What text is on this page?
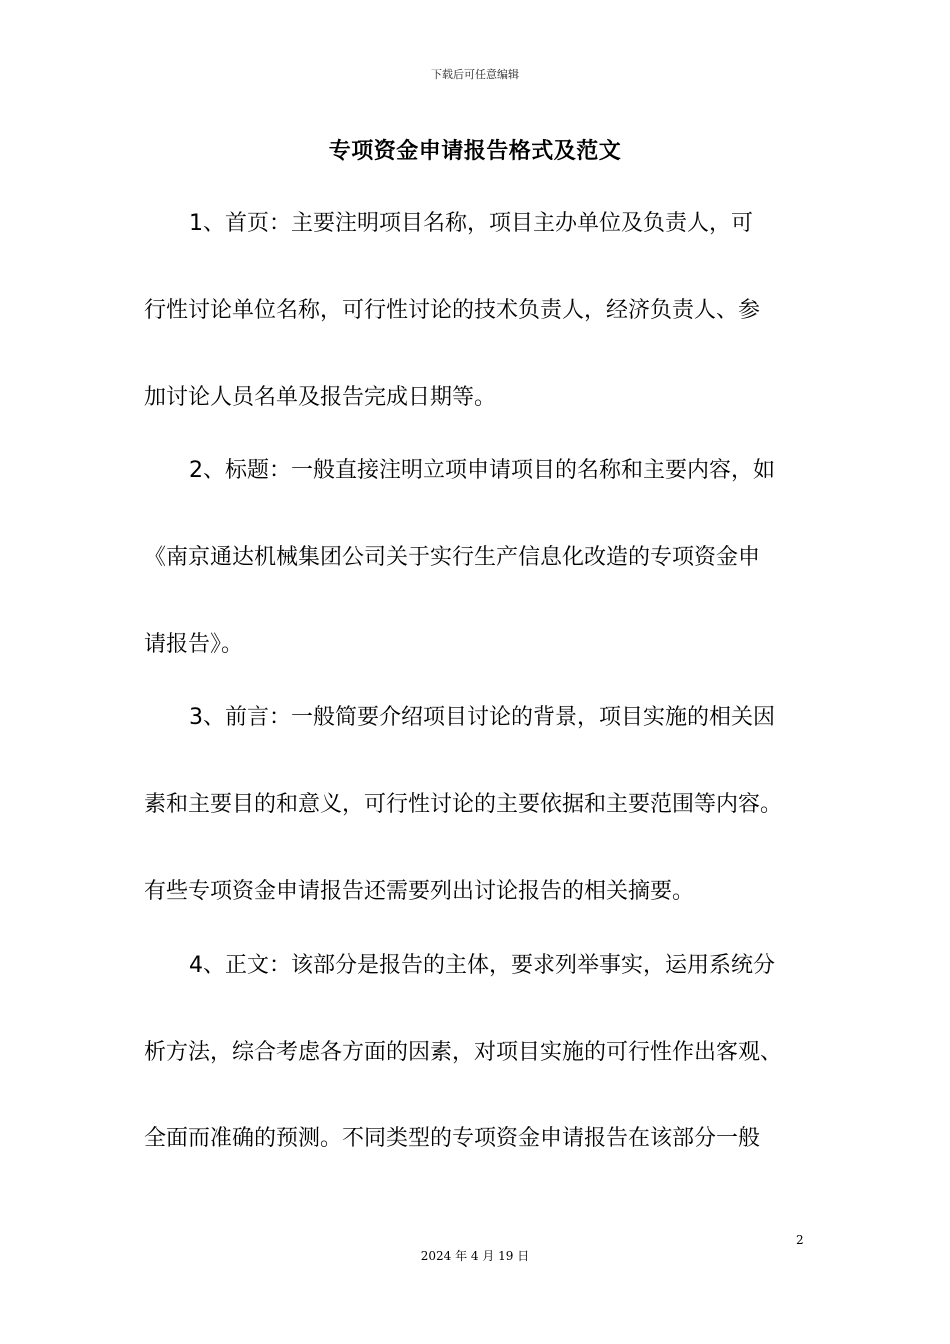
下载后可任意编辑
专项资金申请报告格式及范文
1、首页：主要注明项目名称，项目主办单位及负责人，可
行性讨论单位名称，可行性讨论的技术负责人，经济负责人、参
加讨论人员名单及报告完成日期等。
2、标题：一般直接注明立项申请项目的名称和主要内容，如
《南京通达机械集团公司关于实行生产信息化改造的专项资金申
请报告》。
3、前言：一般简要介绍项目讨论的背景，项目实施的相关因
素和主要目的和意义，可行性讨论的主要依据和主要范围等内容。
有些专项资金申请报告还需要列出讨论报告的相关摘要。
4、正文：该部分是报告的主体，要求列举事实，运用系统分
析方法，综合考虑各方面的因素，对项目实施的可行性作出客观、
全面而准确的预测。不同类型的专项资金申请报告在该部分一般
2
2024 年 4 月 19 日
